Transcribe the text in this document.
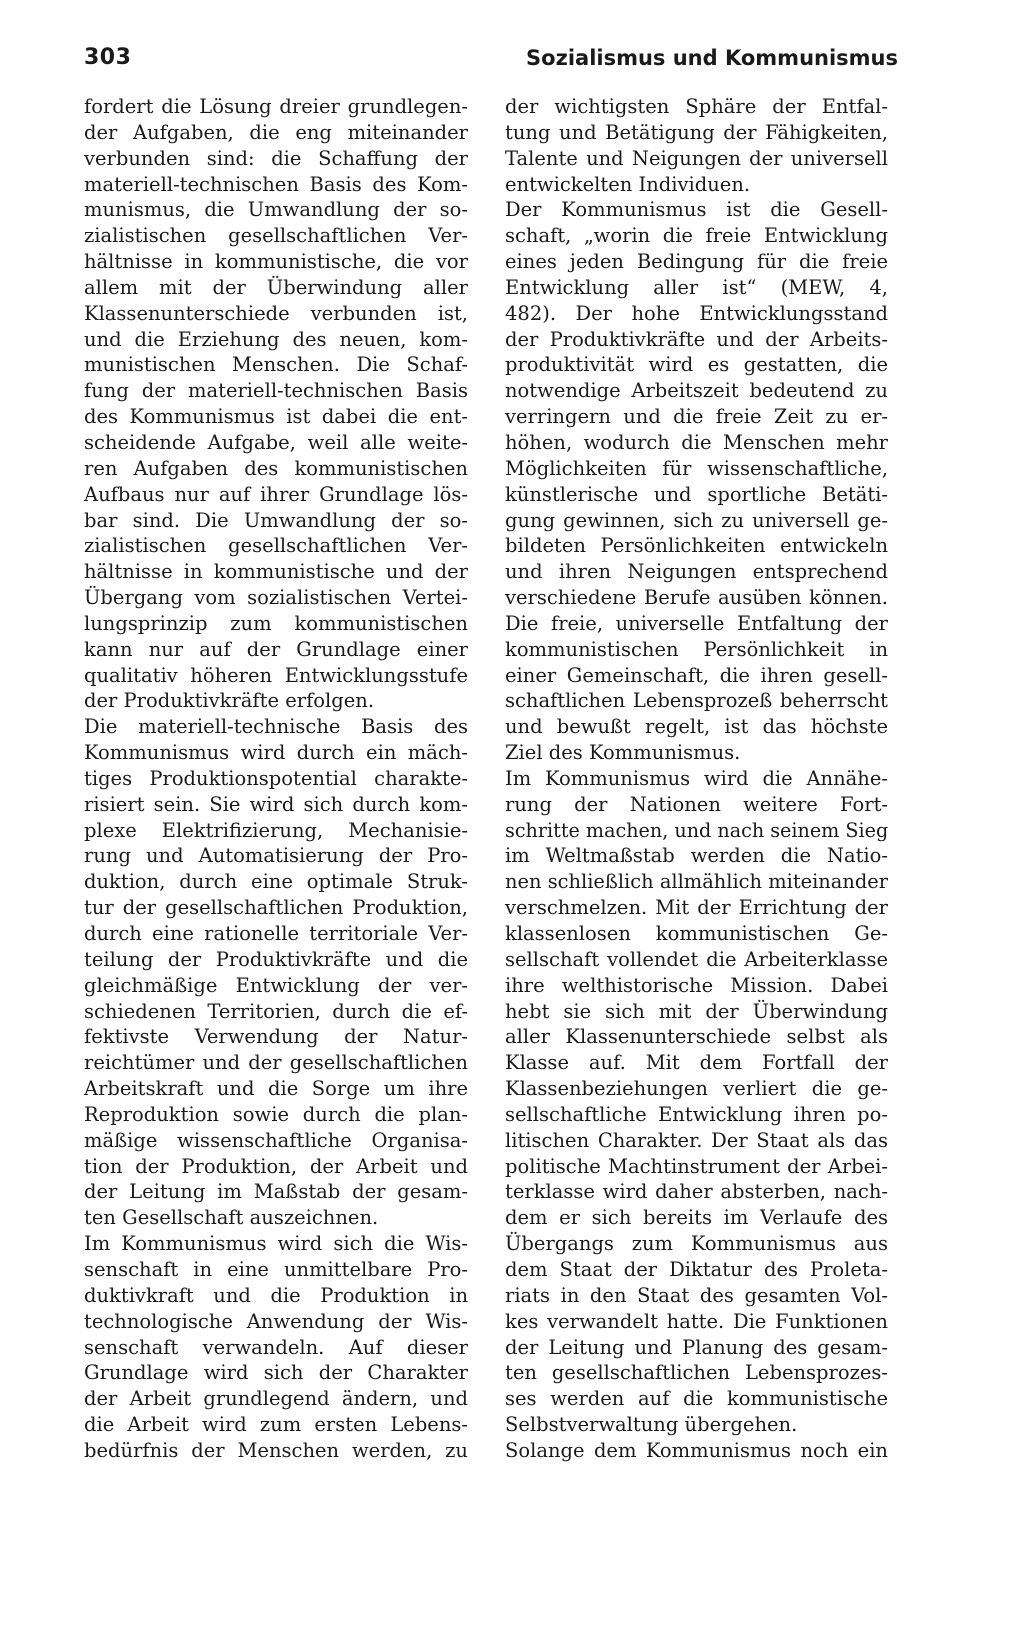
303	Sozialismus und Kommunismus
fordert die Lösung dreier grundlegen-
der Aufgaben, die eng miteinander
verbunden sind: die Schaffung der
materiell-technischen Basis des Kom-
munismus, die Umwandlung der so-
zialistischen gesellschaftlichen Ver-
hältnisse in kommunistische, die vor
allem mit der Überwindung aller
Klassenunterschiede verbunden ist,
und die Erziehung des neuen, kom-
munistischen Menschen. Die Schaf-
fung der materiell-technischen Basis
des Kommunismus ist dabei die ent-
scheidende Aufgabe, weil alle weite-
ren Aufgaben des kommunistischen
Aufbaus nur auf ihrer Grundlage lös-
bar sind. Die Umwandlung der so-
zialistischen gesellschaftlichen Ver-
hältnisse in kommunistische und der
Übergang vom sozialistischen Vertei-
lungsprinzip zum kommunistischen
kann nur auf der Grundlage einer
qualitativ höheren Entwicklungsstufe
der Produktivkräfte erfolgen.
Die materiell-technische Basis des
Kommunismus wird durch ein mäch-
tiges Produktionspotential charakte-
risiert sein. Sie wird sich durch kom-
plexe Elektrifizierung, Mechanisie-
rung und Automatisierung der Pro-
duktion, durch eine optimale Struk-
tur der gesellschaftlichen Produktion,
durch eine rationelle territoriale Ver-
teilung der Produktivkräfte und die
gleichmäßige Entwicklung der ver-
schiedenen Territorien, durch die ef-
fektivste Verwendung der Natur-
reichtümer und der gesellschaftlichen
Arbeitskraft und die Sorge um ihre
Reproduktion sowie durch die plan-
mäßige wissenschaftliche Organisa-
tion der Produktion, der Arbeit und
der Leitung im Maßstab der gesam-
ten Gesellschaft auszeichnen.
Im Kommunismus wird sich die Wis-
senschaft in eine unmittelbare Pro-
duktivkraft und die Produktion in
technologische Anwendung der Wis-
senschaft verwandeln. Auf dieser
Grundlage wird sich der Charakter
der Arbeit grundlegend ändern, und
die Arbeit wird zum ersten Lebens-
bedürfnis der Menschen werden, zu
der wichtigsten Sphäre der Entfal-
tung und Betätigung der Fähigkeiten,
Talente und Neigungen der universell
entwickelten Individuen.
Der Kommunismus ist die Gesell-
schaft, „worin die freie Entwicklung
eines jeden Bedingung für die freie
Entwicklung aller ist“ (MEW, 4,
482). Der hohe Entwicklungsstand
der Produktivkräfte und der Arbeits-
produktivität wird es gestatten, die
notwendige Arbeitszeit bedeutend zu
verringern und die freie Zeit zu er-
höhen, wodurch die Menschen mehr
Möglichkeiten für wissenschaftliche,
künstlerische und sportliche Betäti-
gung gewinnen, sich zu universell ge-
bildeten Persönlichkeiten entwickeln
und ihren Neigungen entsprechend
verschiedene Berufe ausüben können.
Die freie, universelle Entfaltung der
kommunistischen Persönlichkeit in
einer Gemeinschaft, die ihren gesell-
schaftlichen Lebensprozeß beherrscht
und bewußt regelt, ist das höchste
Ziel des Kommunismus.
Im Kommunismus wird die Annähe-
rung der Nationen weitere Fort-
schritte machen, und nach seinem Sieg
im Weltmaßstab werden die Natio-
nen schließlich allmählich miteinander
verschmelzen. Mit der Errichtung der
klassenlosen kommunistischen Ge-
sellschaft vollendet die Arbeiterklasse
ihre welthistorische Mission. Dabei
hebt sie sich mit der Überwindung
aller Klassenunterschiede selbst als
Klasse auf. Mit dem Fortfall der
Klassenbeziehungen verliert die ge-
sellschaftliche Entwicklung ihren po-
litischen Charakter. Der Staat als das
politische Machtinstrument der Arbei-
terklasse wird daher absterben, nach-
dem er sich bereits im Verlaufe des
Übergangs zum Kommunismus aus
dem Staat der Diktatur des Proleta-
riats in den Staat des gesamten Vol-
kes verwandelt hatte. Die Funktionen
der Leitung und Planung des gesam-
ten gesellschaftlichen Lebensprozes-
ses werden auf die kommunistische
Selbstverwaltung übergehen.
Solange dem Kommunismus noch ein
